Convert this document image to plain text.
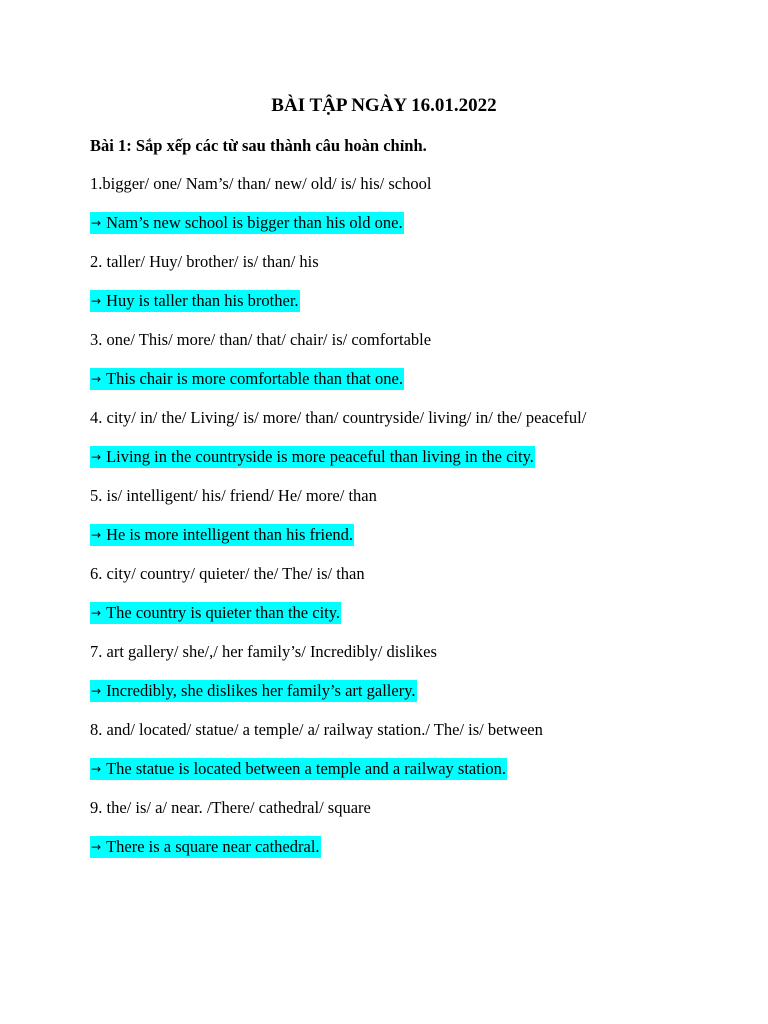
BÀI TẬP NGÀY 16.01.2022
Bài 1: Sắp xếp các từ sau thành câu hoàn chỉnh.
1.bigger/ one/ Nam’s/ than/ new/ old/ is/ his/ school
→ Nam’s new school is bigger than his old one.
2. taller/ Huy/ brother/ is/ than/ his
→ Huy is taller than his brother.
3. one/ This/ more/ than/ that/ chair/ is/ comfortable
→ This chair is more comfortable than that one.
4. city/ in/ the/ Living/ is/ more/ than/ countryside/ living/ in/ the/ peaceful/
→ Living in the countryside is more peaceful than living in the city.
5. is/ intelligent/ his/ friend/ He/ more/ than
→ He is more intelligent than his friend.
6. city/ country/ quieter/ the/ The/ is/ than
→ The country is quieter than the city.
7. art gallery/ she/,/ her family’s/ Incredibly/ dislikes
→ Incredibly, she dislikes her family’s art gallery.
8. and/ located/ statue/ a temple/ a/ railway station./ The/ is/ between
→ The statue is located between a temple and a railway station.
9. the/ is/ a/ near. /There/ cathedral/ square
→ There is a square near cathedral.
